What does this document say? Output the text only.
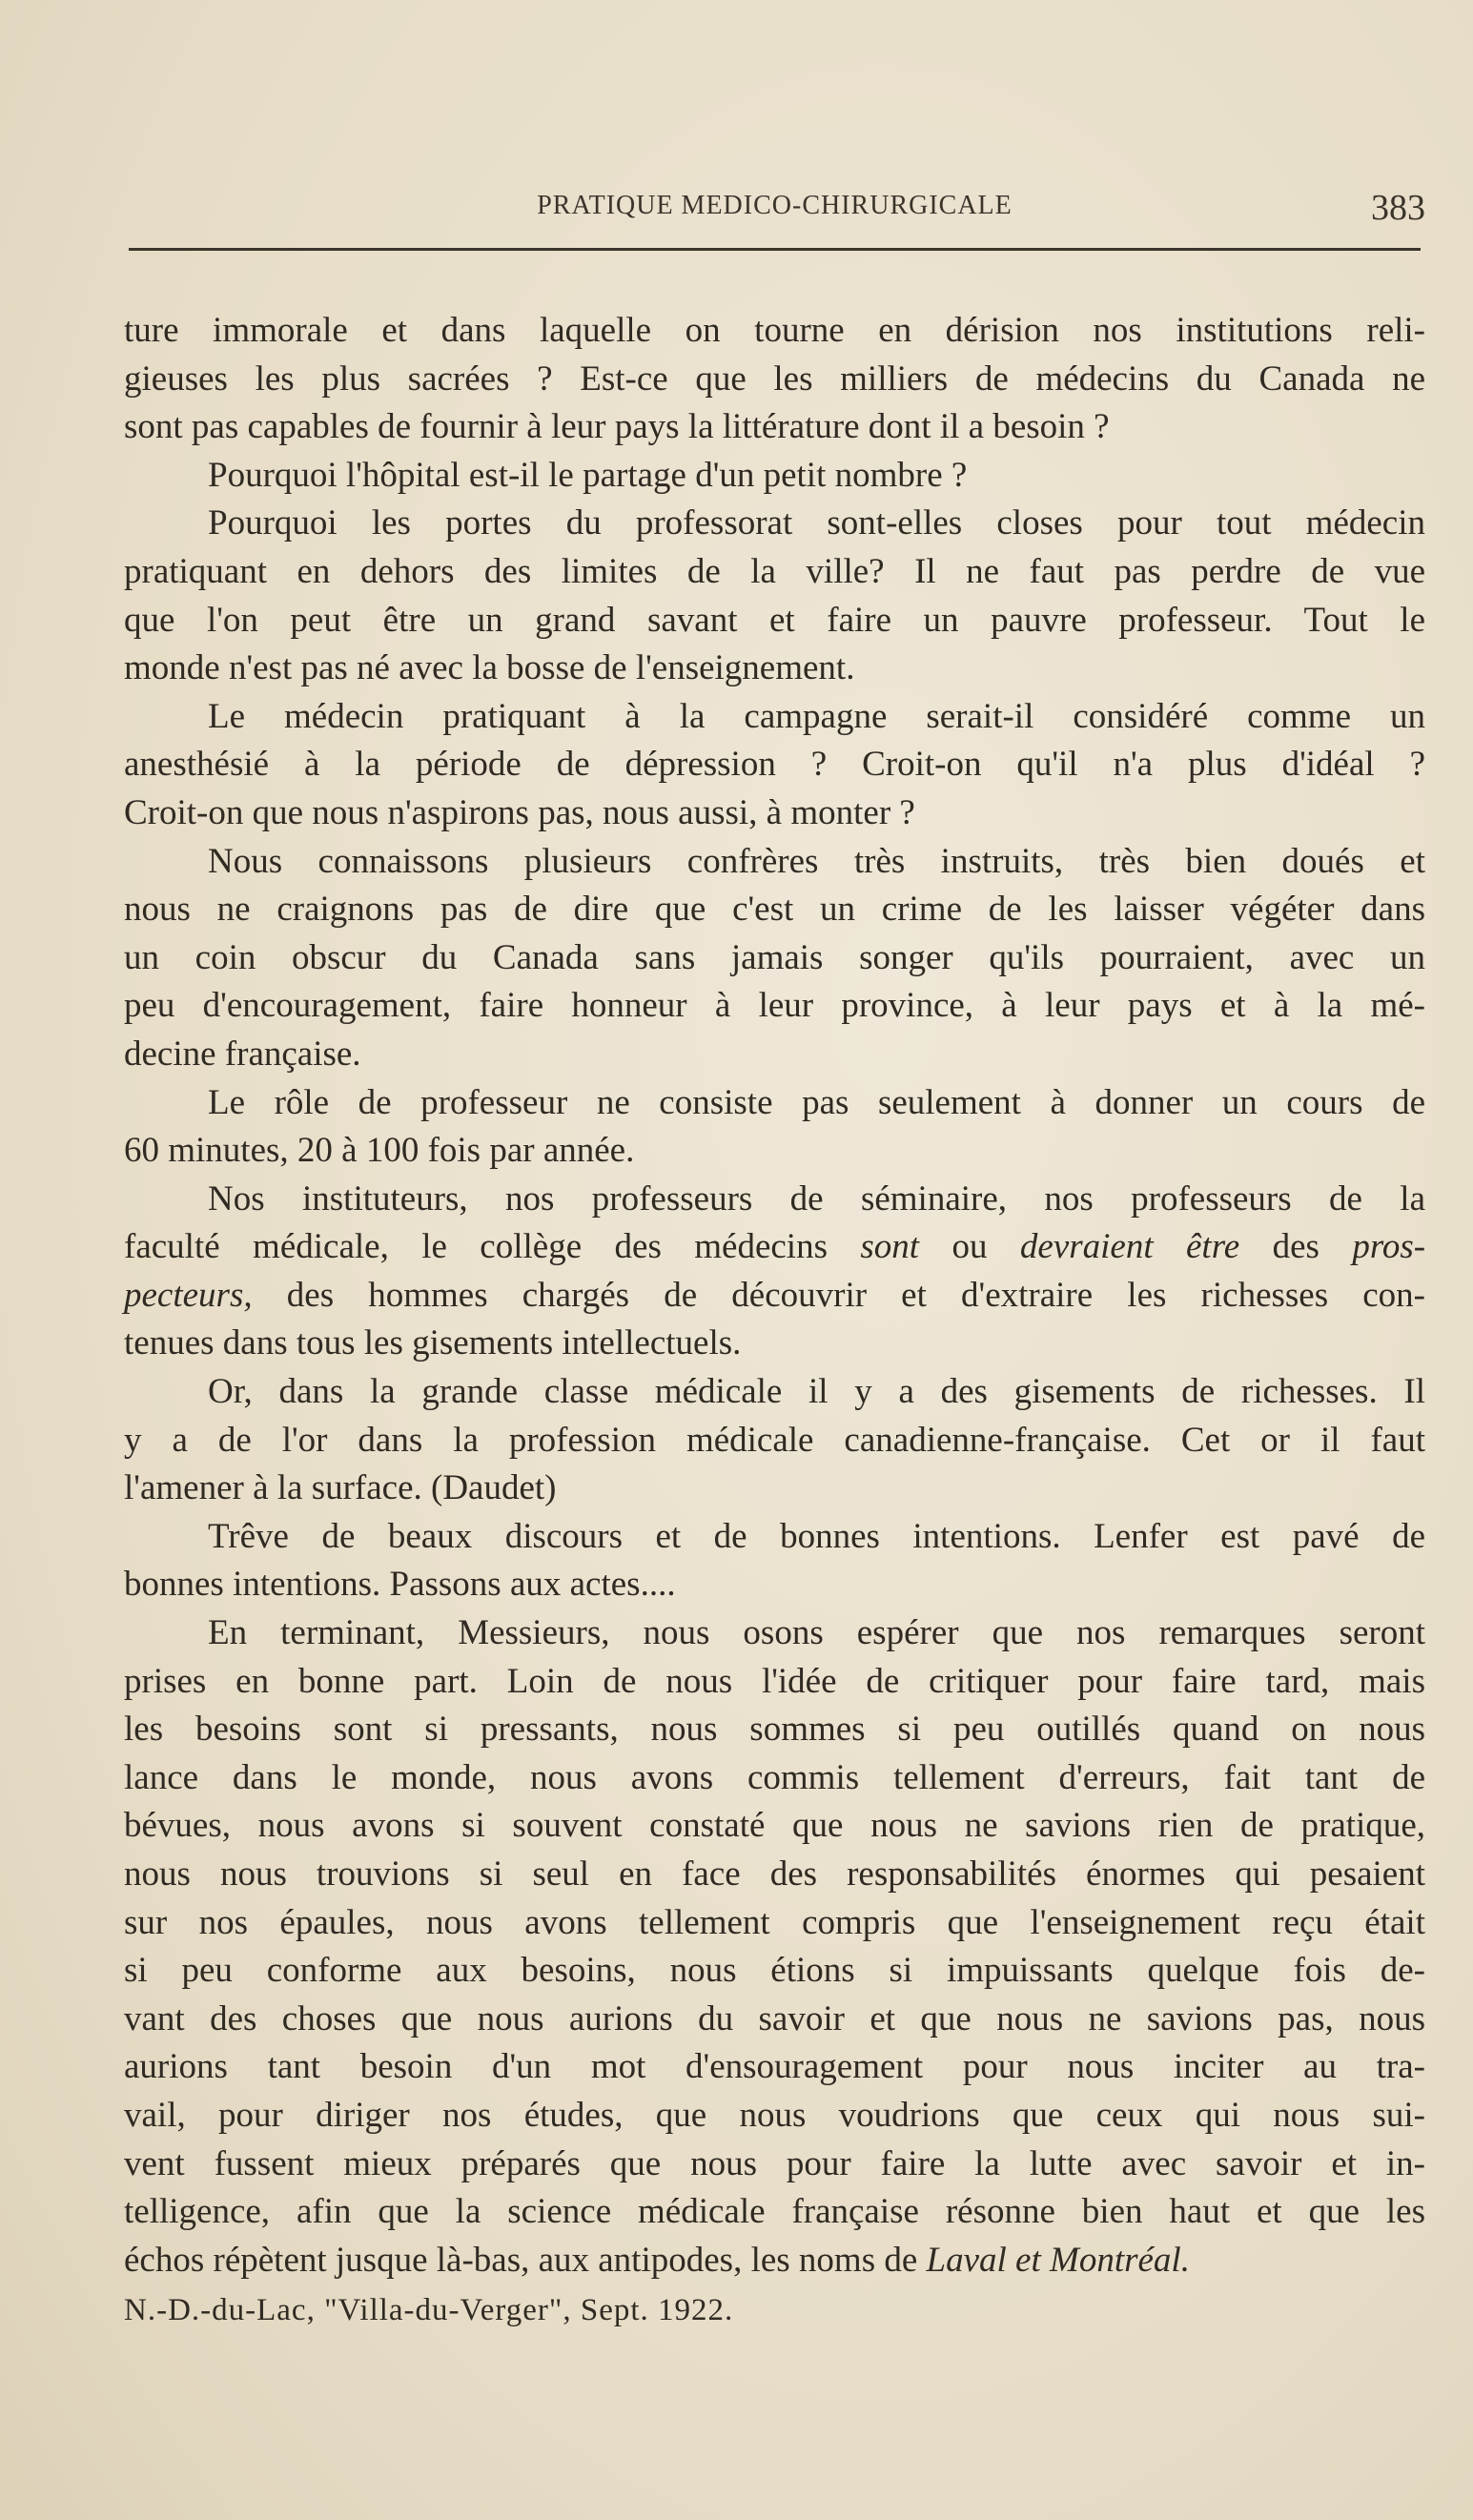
PRATIQUE MEDICO-CHIRURGICALE	383
ture immorale et dans laquelle on tourne en dérision nos institutions reli-
gieuses les plus sacrées ? Est-ce que les milliers de médecins du Canada ne
sont pas capables de fournir à leur pays la littérature dont il a besoin ?
Pourquoi l'hôpital est-il le partage d'un petit nombre ?
Pourquoi les portes du professorat sont-elles closes pour tout médecin
pratiquant en dehors des limites de la ville? Il ne faut pas perdre de vue
que l'on peut être un grand savant et faire un pauvre professeur. Tout le
monde n'est pas né avec la bosse de l'enseignement.
Le médecin pratiquant à la campagne serait-il considéré comme un
anesthésié à la période de dépression ? Croit-on qu'il n'a plus d'idéal ?
Croit-on que nous n'aspirons pas, nous aussi, à monter ?
Nous connaissons plusieurs confrères très instruits, très bien doués et
nous ne craignons pas de dire que c'est un crime de les laisser végéter dans
un coin obscur du Canada sans jamais songer qu'ils pourraient, avec un
peu d'encouragement, faire honneur à leur province, à leur pays et à la mé-
decine française.
Le rôle de professeur ne consiste pas seulement à donner un cours de
60 minutes, 20 à 100 fois par année.
Nos instituteurs, nos professeurs de séminaire, nos professeurs de la
faculté médicale, le collège des médecins sont ou devraient être des pros-
pecteurs, des hommes chargés de découvrir et d'extraire les richesses con-
tenues dans tous les gisements intellectuels.
Or, dans la grande classe médicale il y a des gisements de richesses. Il
y a de l'or dans la profession médicale canadienne-française. Cet or il faut
l'amener à la surface. (Daudet)
Trêve de beaux discours et de bonnes intentions. Lenfer est pavé de
bonnes intentions. Passons aux actes....
En terminant, Messieurs, nous osons espérer que nos remarques seront
prises en bonne part. Loin de nous l'idée de critiquer pour faire tard, mais
les besoins sont si pressants, nous sommes si peu outillés quand on nous
lance dans le monde, nous avons commis tellement d'erreurs, fait tant de
bévues, nous avons si souvent constaté que nous ne savions rien de pratique,
nous nous trouvions si seul en face des responsabilités énormes qui pesaient
sur nos épaules, nous avons tellement compris que l'enseignement reçu était
si peu conforme aux besoins, nous étions si impuissants quelque fois de-
vant des choses que nous aurions du savoir et que nous ne savions pas, nous
aurions tant besoin d'un mot d'ensouragement pour nous inciter au tra-
vail, pour diriger nos études, que nous voudrions que ceux qui nous sui-
vent fussent mieux préparés que nous pour faire la lutte avec savoir et in-
telligence, afin que la science médicale française résonne bien haut et que les
échos répètent jusque là-bas, aux antipodes, les noms de Laval et Montréal.
N.-D.-du-Lac, "Villa-du-Verger", Sept. 1922.
